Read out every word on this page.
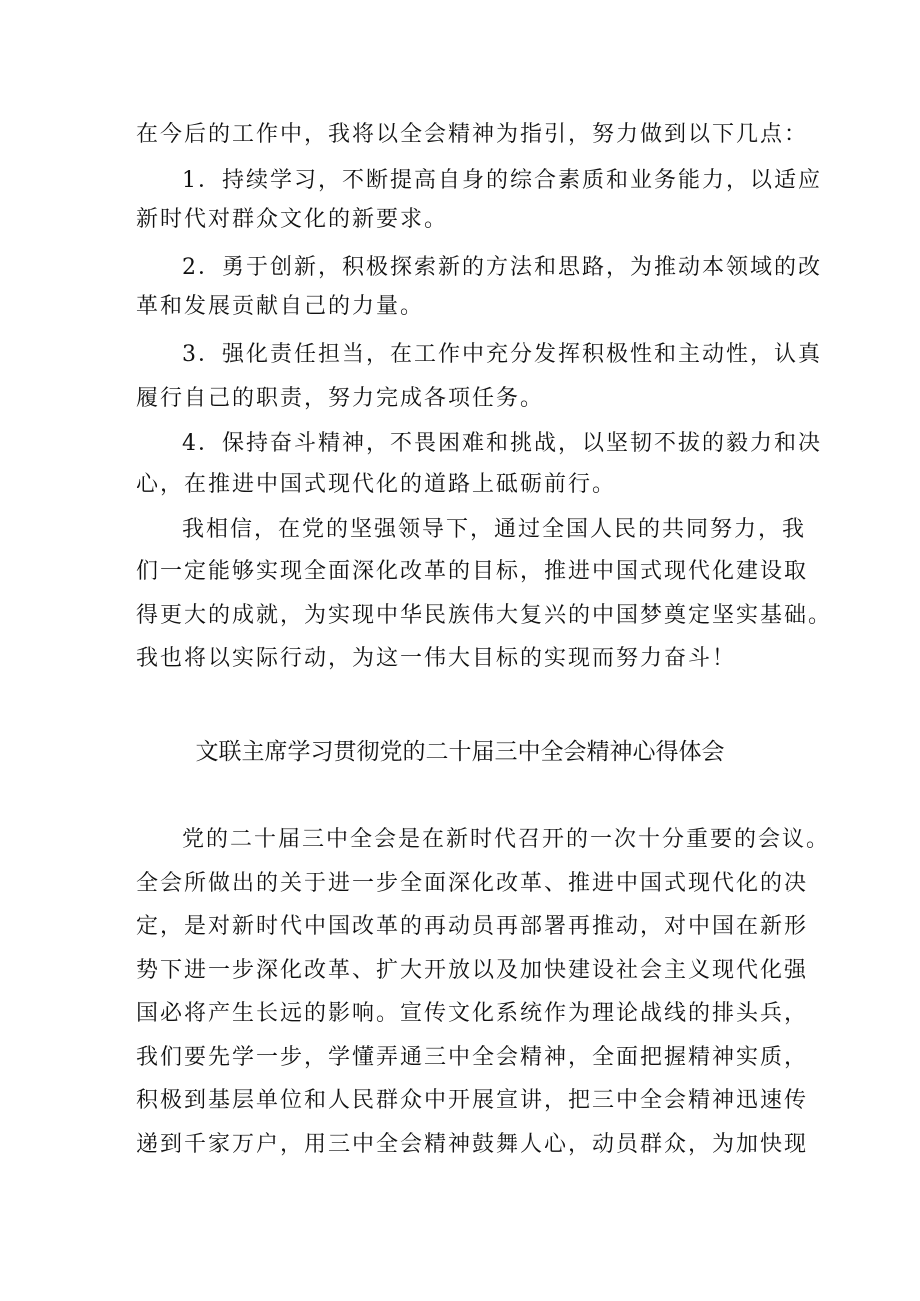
在今后的工作中，我将以全会精神为指引，努力做到以下几点：
1．持续学习，不断提高自身的综合素质和业务能力，以适应
新时代对群众文化的新要求。
2．勇于创新，积极探索新的方法和思路，为推动本领域的改
革和发展贡献自己的力量。
3．强化责任担当，在工作中充分发挥积极性和主动性，认真
履行自己的职责，努力完成各项任务。
4．保持奋斗精神，不畏困难和挑战，以坚韧不拔的毅力和决
心，在推进中国式现代化的道路上砥砺前行。
我相信，在党的坚强领导下，通过全国人民的共同努力，我
们一定能够实现全面深化改革的目标，推进中国式现代化建设取
得更大的成就，为实现中华民族伟大复兴的中国梦奠定坚实基础。
我也将以实际行动，为这一伟大目标的实现而努力奋斗！
文联主席学习贯彻党的二十届三中全会精神心得体会
党的二十届三中全会是在新时代召开的一次十分重要的会议。
全会所做出的关于进一步全面深化改革、推进中国式现代化的决
定，是对新时代中国改革的再动员再部署再推动，对中国在新形
势下进一步深化改革、扩大开放以及加快建设社会主义现代化强
国必将产生长远的影响。宣传文化系统作为理论战线的排头兵，
我们要先学一步，学懂弄通三中全会精神，全面把握精神实质，
积极到基层单位和人民群众中开展宣讲，把三中全会精神迅速传
递到千家万户，用三中全会精神鼓舞人心，动员群众，为加快现
